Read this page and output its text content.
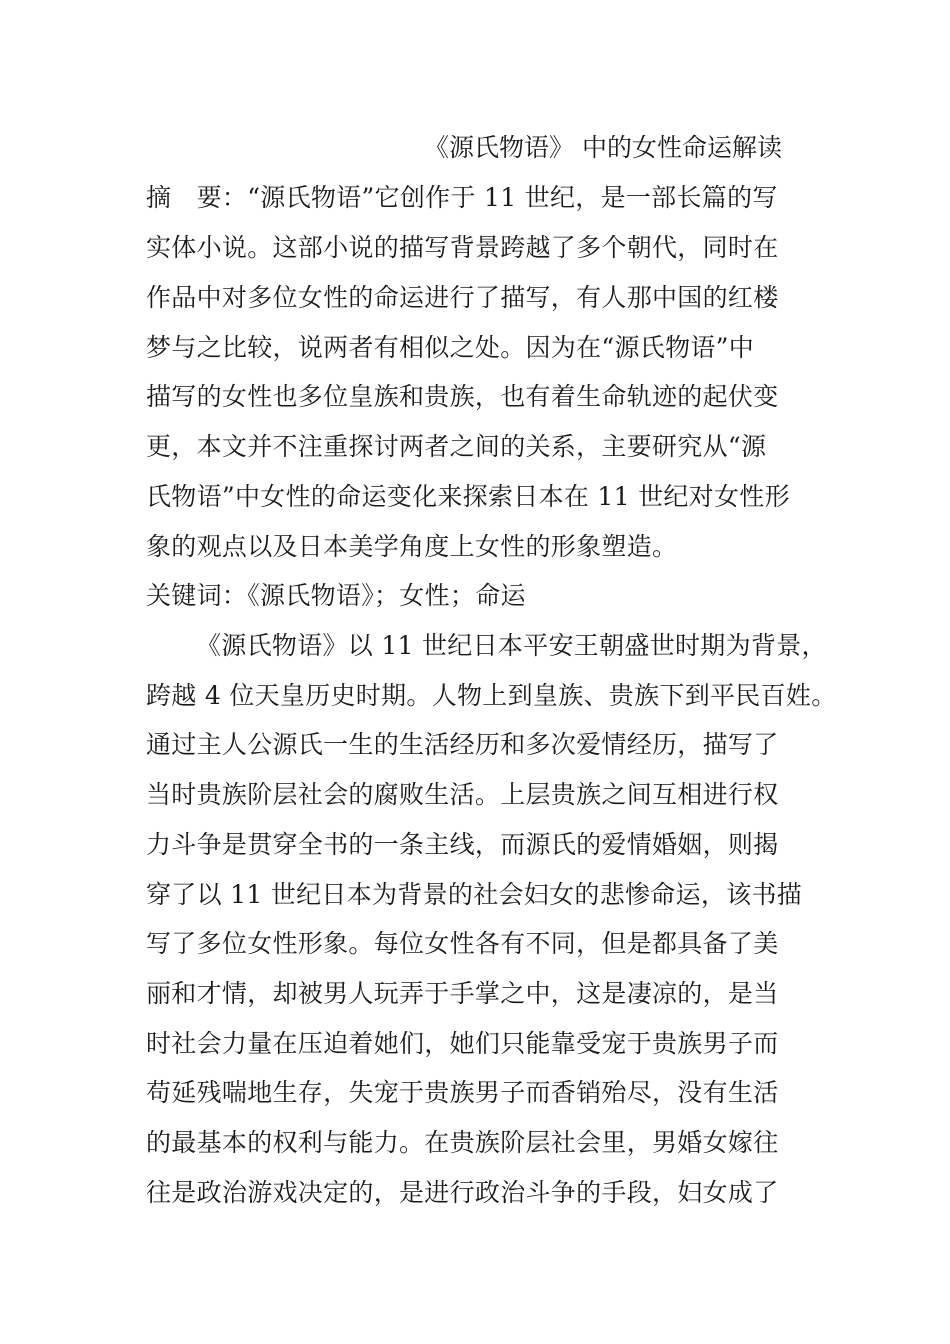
《源氏物语》 中的女性命运解读
摘　要：“源氏物语”它创作于 11 世纪，是一部长篇的写
实体小说。这部小说的描写背景跨越了多个朝代，同时在
作品中对多位女性的命运进行了描写，有人那中国的红楼
梦与之比较，说两者有相似之处。因为在“源氏物语”中
描写的女性也多位皇族和贵族，也有着生命轨迹的起伏变
更，本文并不注重探讨两者之间的关系，主要研究从“源
氏物语”中女性的命运变化来探索日本在 11 世纪对女性形
象的观点以及日本美学角度上女性的形象塑造。
关键词：《源氏物语》；女性；命运
《源氏物语》以 11 世纪日本平安王朝盛世时期为背景，
跨越 4 位天皇历史时期。人物上到皇族、贵族下到平民百姓。
通过主人公源氏一生的生活经历和多次爱情经历，描写了
当时贵族阶层社会的腐败生活。上层贵族之间互相进行权
力斗争是贯穿全书的一条主线，而源氏的爱情婚姻，则揭
穿了以 11 世纪日本为背景的社会妇女的悲惨命运，该书描
写了多位女性形象。每位女性各有不同，但是都具备了美
丽和才情，却被男人玩弄于手掌之中，这是凄凉的，是当
时社会力量在压迫着她们，她们只能靠受宠于贵族男子而
苟延残喘地生存，失宠于贵族男子而香销殆尽，没有生活
的最基本的权利与能力。在贵族阶层社会里，男婚女嫁往
往是政治游戏决定的，是进行政治斗争的手段，妇女成了
